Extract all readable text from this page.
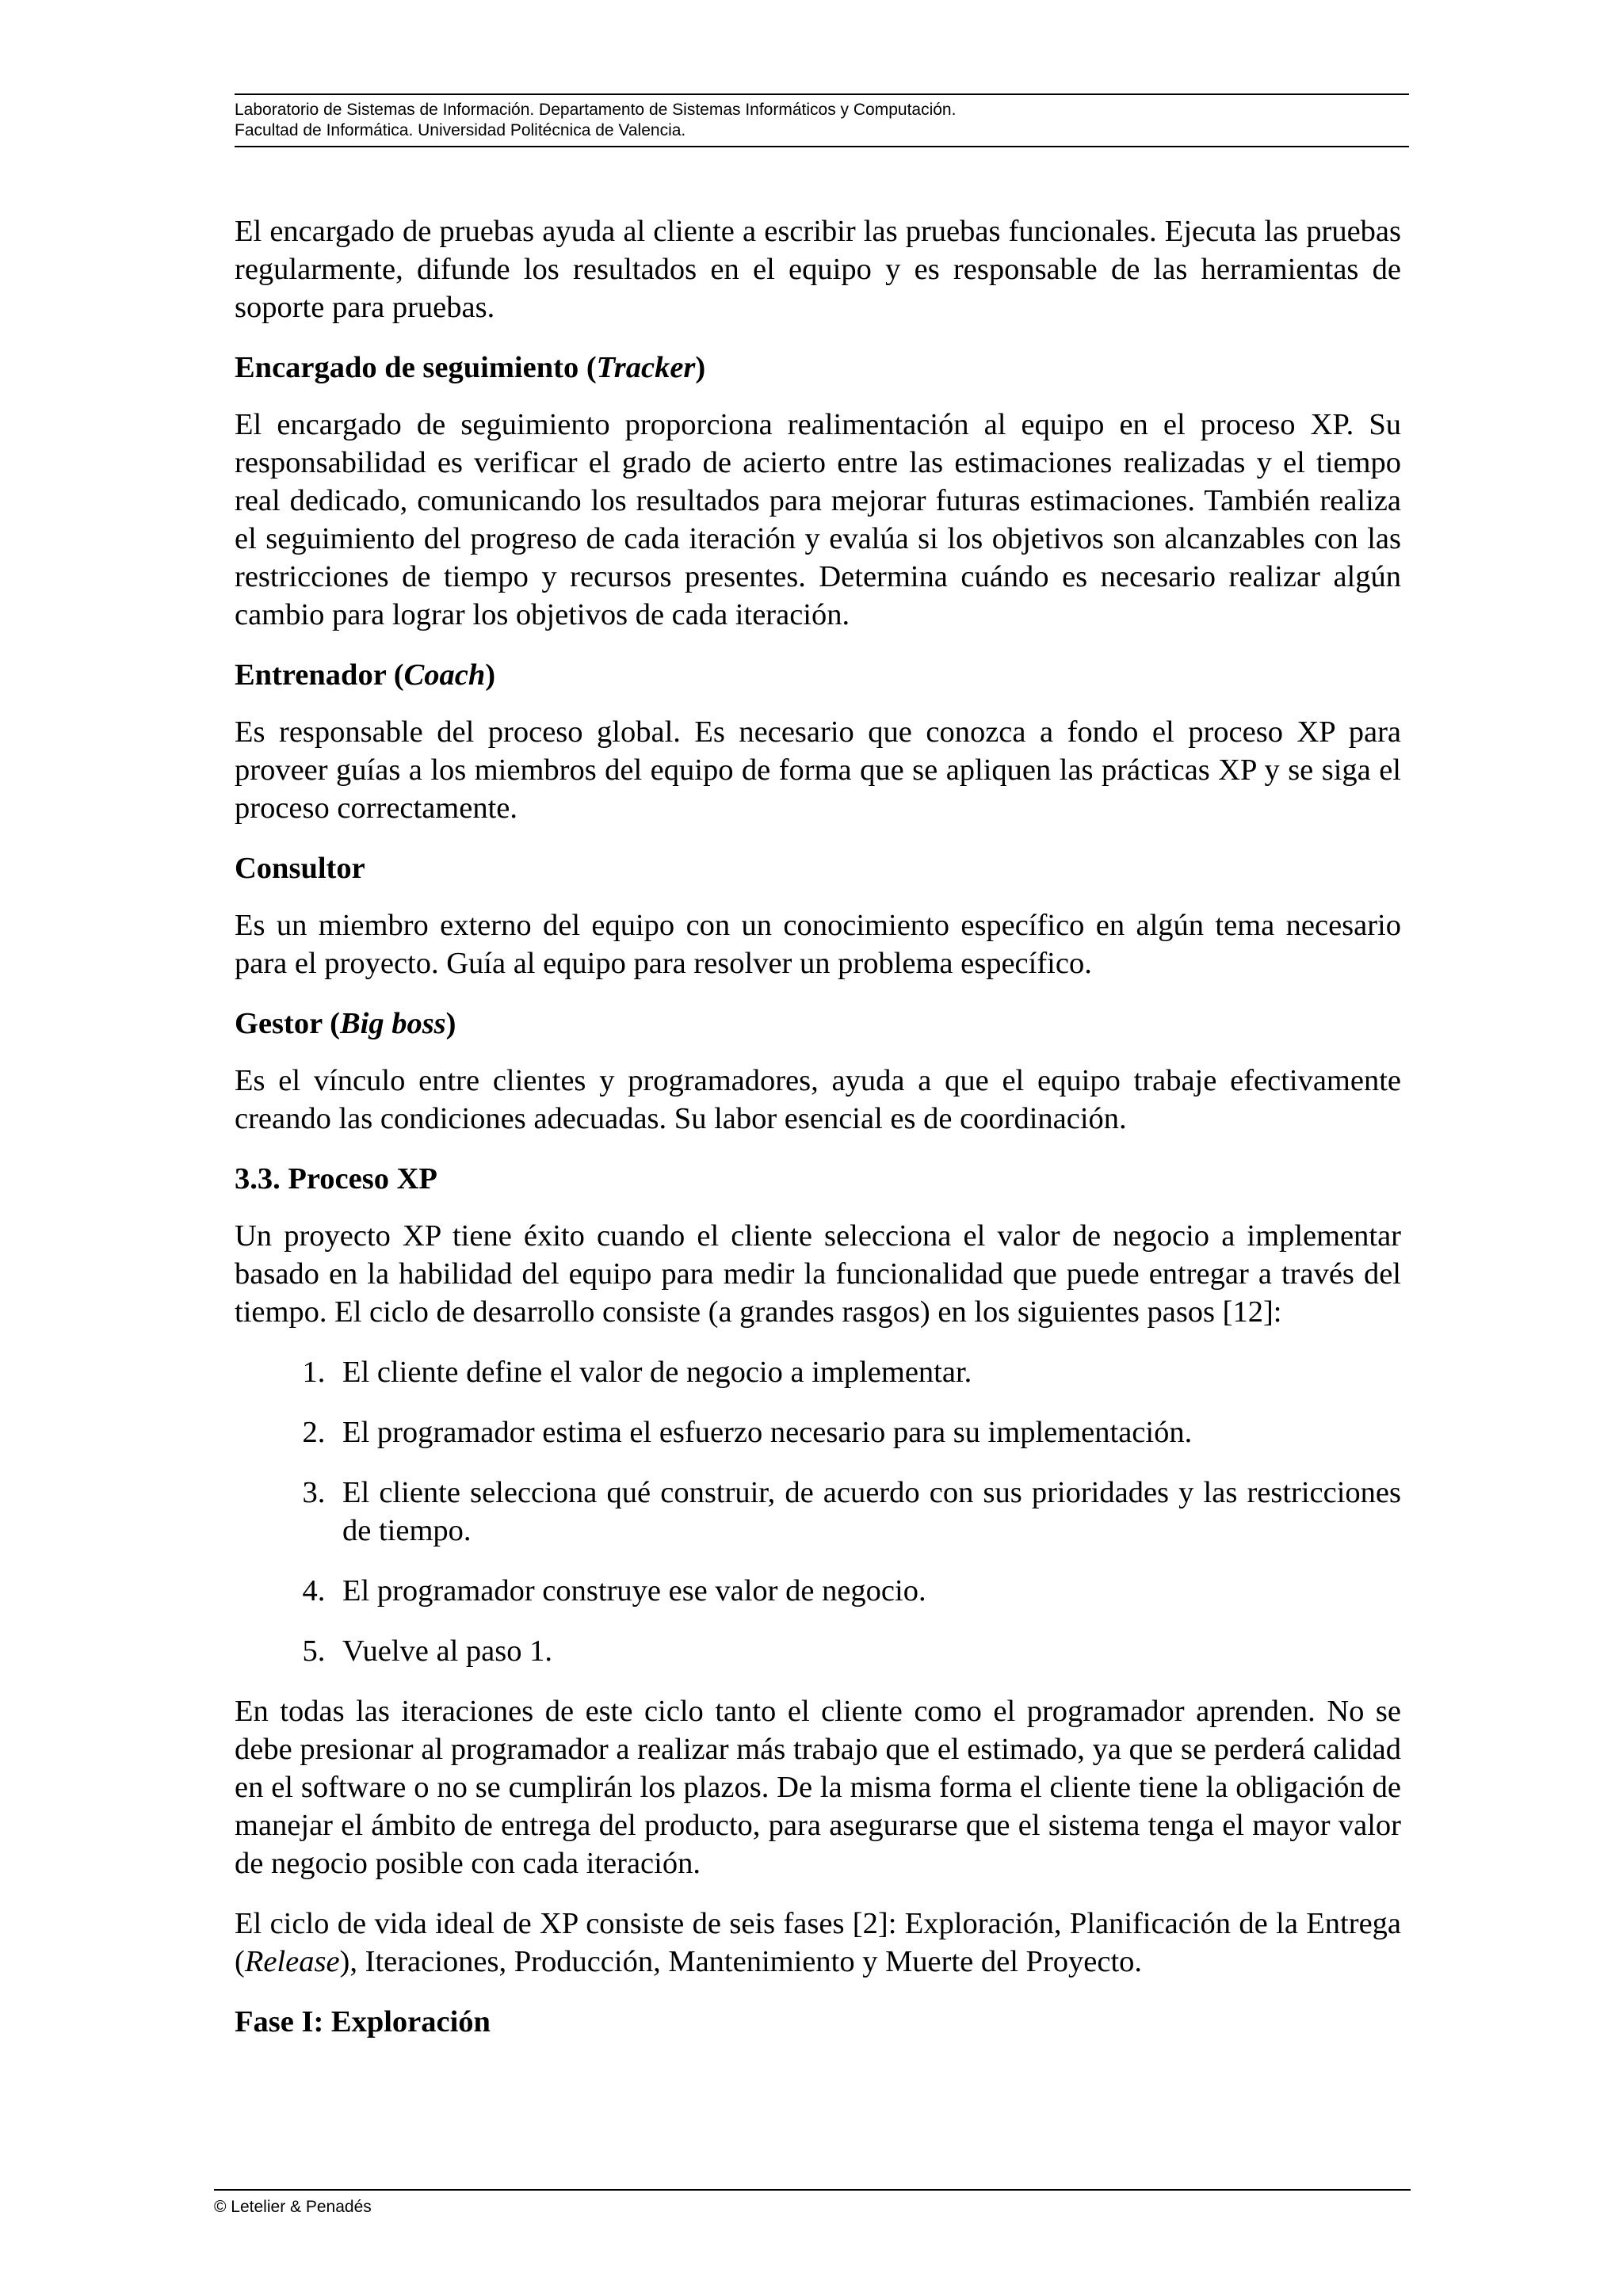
Laboratorio de Sistemas de Información. Departamento de Sistemas Informáticos y Computación.
Facultad de Informática. Universidad Politécnica de Valencia.

El encargado de pruebas ayuda al cliente a escribir las pruebas funcionales. Ejecuta las pruebas regularmente, difunde los resultados en el equipo y es responsable de las herramientas de soporte para pruebas.

Encargado de seguimiento (Tracker)

El encargado de seguimiento proporciona realimentación al equipo en el proceso XP. Su responsabilidad es verificar el grado de acierto entre las estimaciones realizadas y el tiempo real dedicado, comunicando los resultados para mejorar futuras estimaciones. También realiza el seguimiento del progreso de cada iteración y evalúa si los objetivos son alcanzables con las restricciones de tiempo y recursos presentes. Determina cuándo es necesario realizar algún cambio para lograr los objetivos de cada iteración.

Entrenador (Coach)

Es responsable del proceso global. Es necesario que conozca a fondo el proceso XP para proveer guías a los miembros del equipo de forma que se apliquen las prácticas XP y se siga el proceso correctamente.

Consultor

Es un miembro externo del equipo con un conocimiento específico en algún tema necesario para el proyecto. Guía al equipo para resolver un problema específico.

Gestor (Big boss)

Es el vínculo entre clientes y programadores, ayuda a que el equipo trabaje efectivamente creando las condiciones adecuadas. Su labor esencial es de coordinación.

3.3. Proceso XP

Un proyecto XP tiene éxito cuando el cliente selecciona el valor de negocio a implementar basado en la habilidad del equipo para medir la funcionalidad que puede entregar a través del tiempo. El ciclo de desarrollo consiste (a grandes rasgos) en los siguientes pasos [12]:

1. El cliente define el valor de negocio a implementar.
2. El programador estima el esfuerzo necesario para su implementación.
3. El cliente selecciona qué construir, de acuerdo con sus prioridades y las restricciones de tiempo.
4. El programador construye ese valor de negocio.
5. Vuelve al paso 1.

En todas las iteraciones de este ciclo tanto el cliente como el programador aprenden. No se debe presionar al programador a realizar más trabajo que el estimado, ya que se perderá calidad en el software o no se cumplirán los plazos. De la misma forma el cliente tiene la obligación de manejar el ámbito de entrega del producto, para asegurarse que el sistema tenga el mayor valor de negocio posible con cada iteración.

El ciclo de vida ideal de XP consiste de seis fases [2]: Exploración, Planificación de la Entrega (Release), Iteraciones, Producción, Mantenimiento y Muerte del Proyecto.

Fase I: Exploración
© Letelier & Penadés
